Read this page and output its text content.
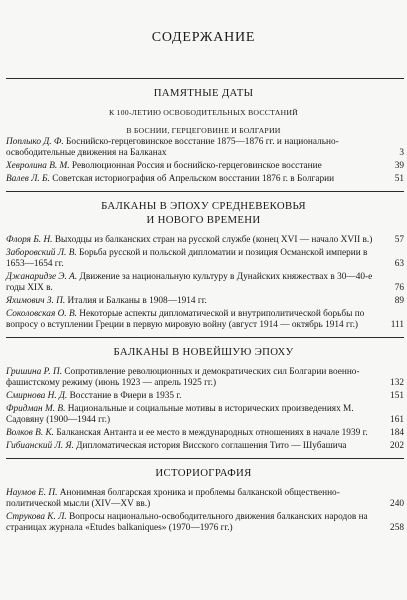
СОДЕРЖАНИЕ
ПАМЯТНЫЕ ДАТЫ
К 100-ЛЕТИЮ ОСВОБОДИТЕЛЬНЫХ ВОССТАНИЙ
В БОСНИИ, ГЕРЦЕГОВИНЕ И БОЛГАРИИ
Поплыко Д. Ф. Боснийско-герцеговинское восстание 1875—1876 гг. и национально-освободительные движения на Балканах	3
Хевролина В. М. Революционная Россия и боснийско-герцеговинское восстание	39
Валев Л. Б. Советская историография об Апрельском восстании 1876 г. в Болгарии	51
БАЛКАНЫ В ЭПОХУ СРЕДНЕВЕКОВЬЯ
И НОВОГО ВРЕМЕНИ
Флоря Б. Н. Выходцы из балканских стран на русской службе (конец XVI — начало XVII в.)	57
Заборовский Л. В. Борьба русской и польской дипломатии и позиция Османской империи в 1653—1654 гг.	63
Джанаридзе Э. А. Движение за национальную культуру в Дунайских княжествах в 30—40-е годы XIX в.	76
Яхимович З. П. Италия и Балканы в 1908—1914 гг.	89
Соколовская О. В. Некоторые аспекты дипломатической и внутриполитической борьбы по вопросу о вступлении Греции в первую мировую войну (август 1914 — октябрь 1914 гг.)	111
БАЛКАНЫ В НОВЕЙШУЮ ЭПОХУ
Гришина Р. П. Сопротивление революционных и демократических сил Болгарии военно-фашистскому режиму (июнь 1923 — апрель 1925 гг.)	132
Смирнова Н. Д. Восстание в Фиери в 1935 г.	151
Фридман М. В. Национальные и социальные мотивы в исторических произведениях М. Садовяну (1900—1944 гг.)	161
Волков В. К. Балканская Антанта и ее место в международных отношениях в начале 1939 г.	184
Гибианский Л. Я. Дипломатическая история Висского соглашения Тито — Шубашича	202
ИСТОРИОГРАФИЯ
Наумов Е. П. Анонимная болгарская хроника и проблемы балканской общественно-политической мысли (XIV—XV вв.)	240
Струкова К. Л. Вопросы национально-освободительного движения балканских народов на страницах журнала «Etudes balkaniques» (1970—1976 гг.)	258
